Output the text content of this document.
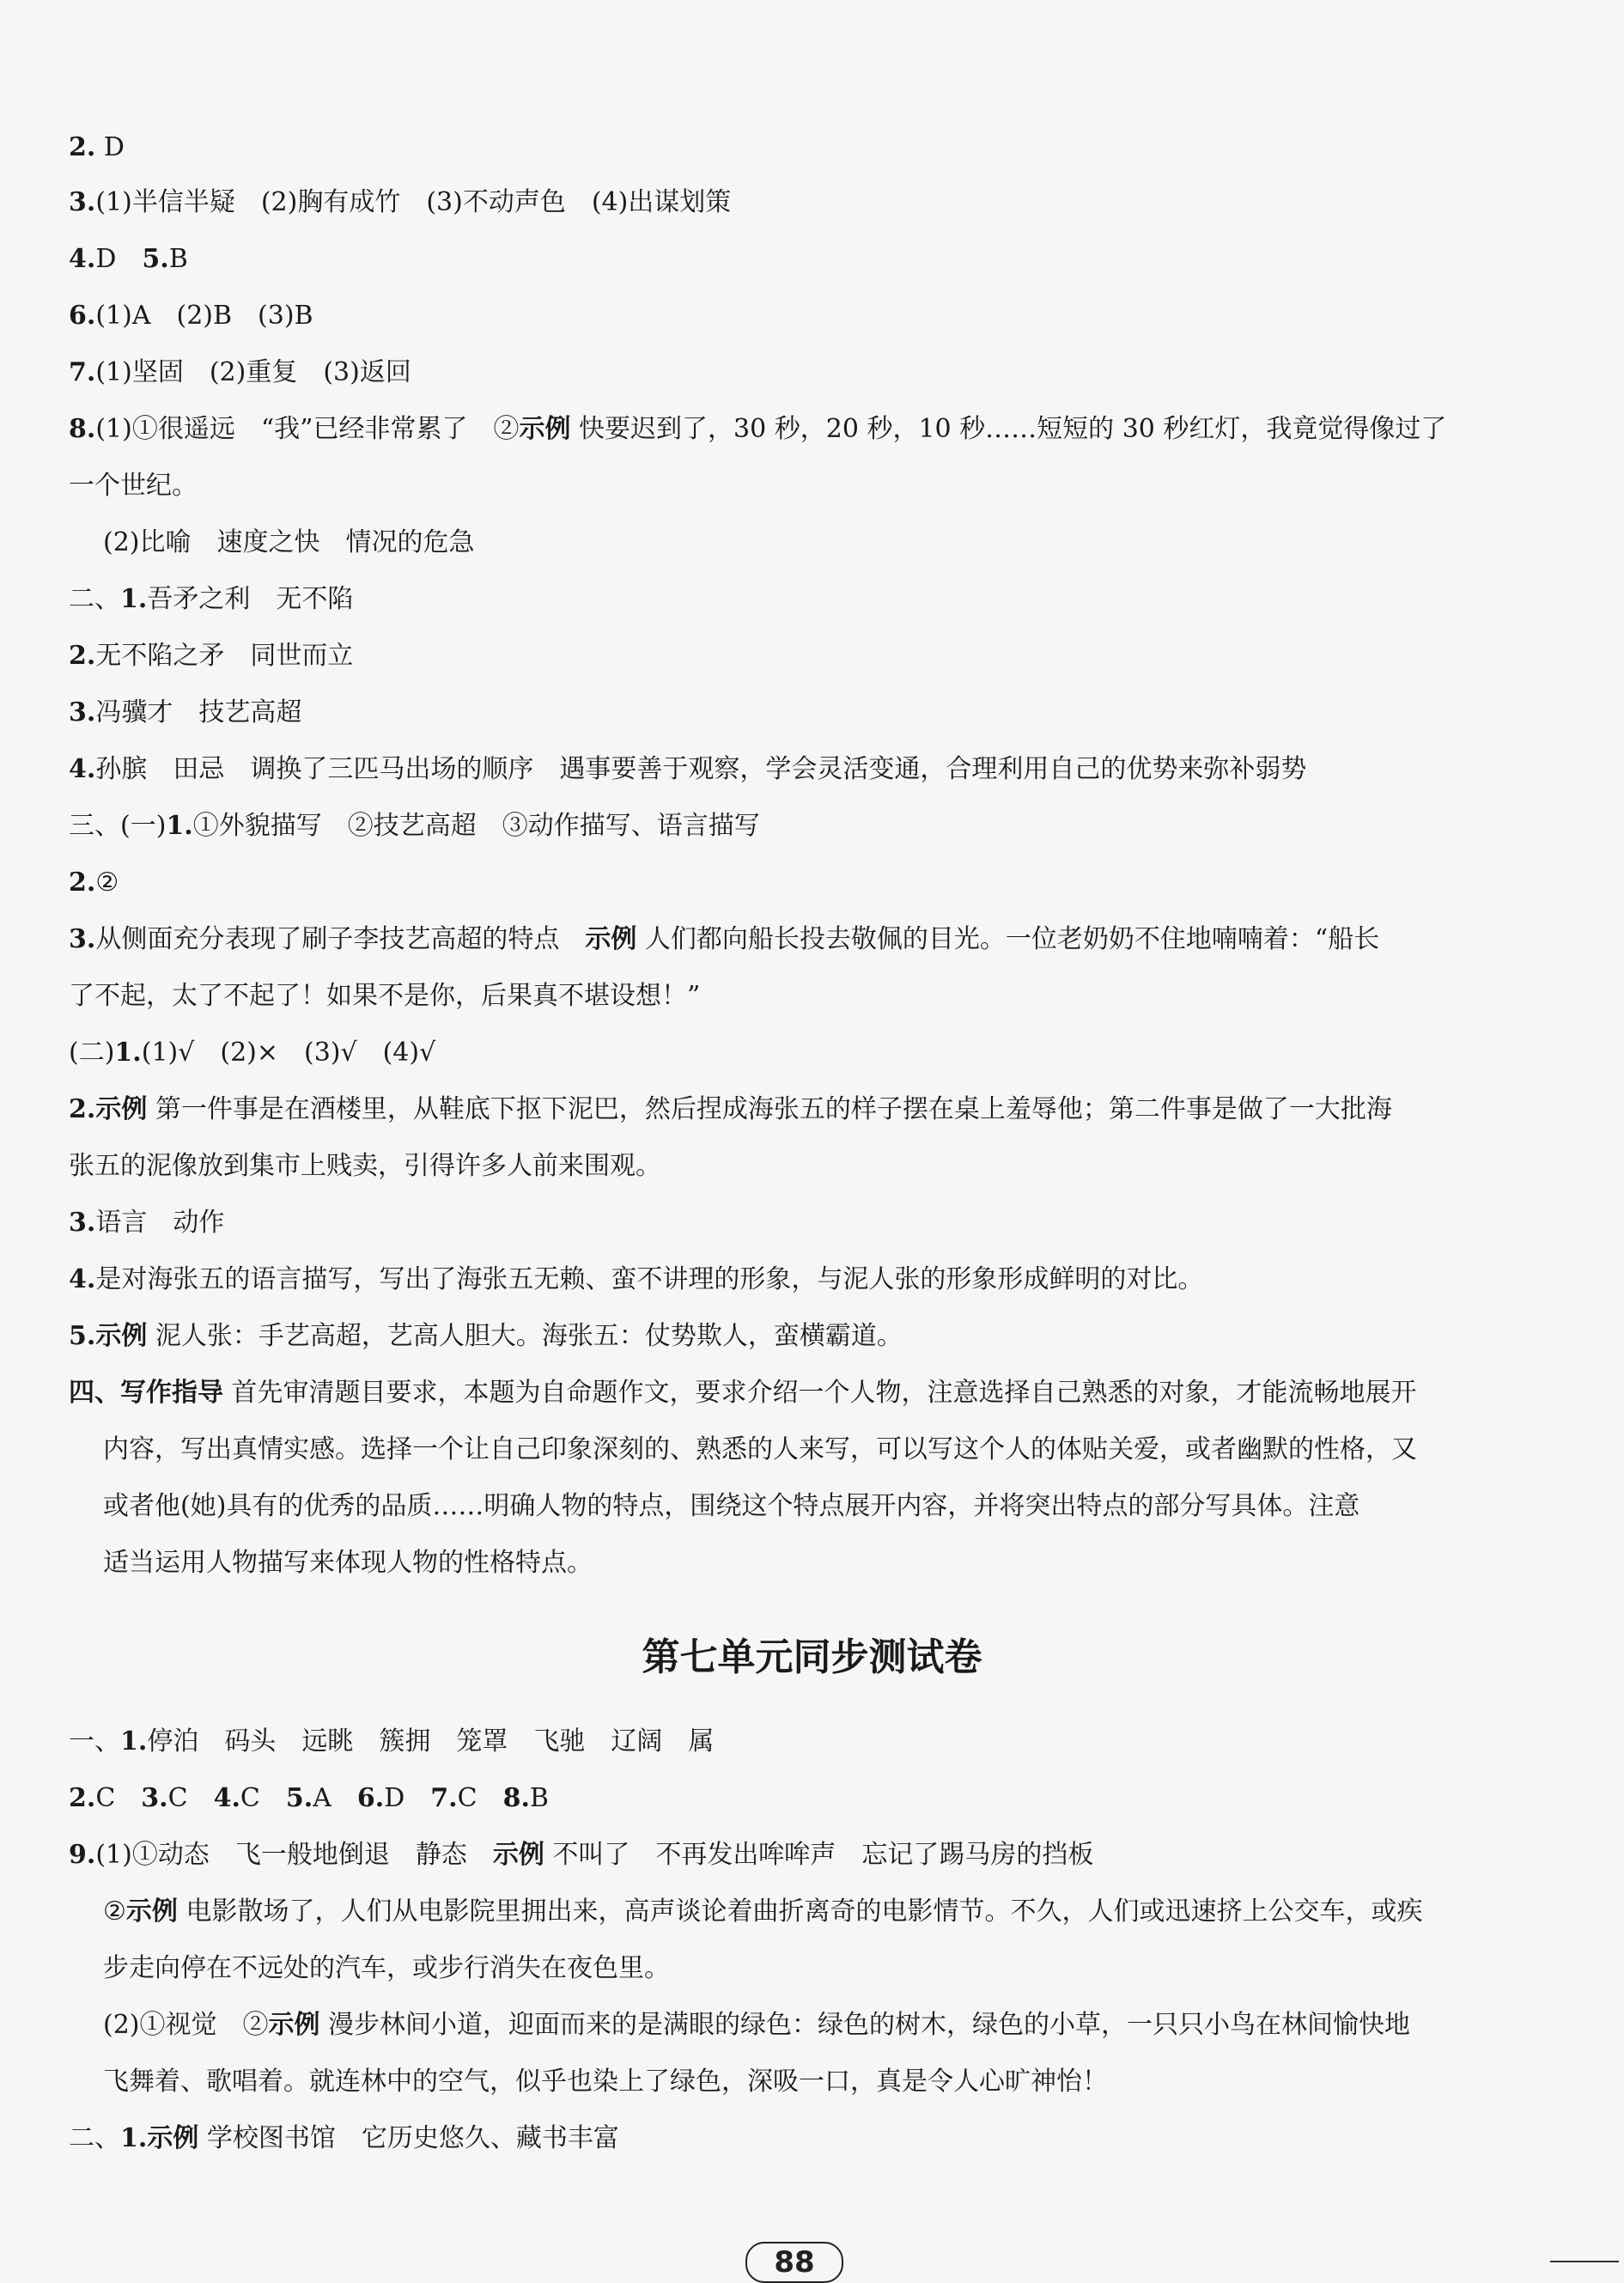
2. D
3.(1)半信半疑　(2)胸有成竹　(3)不动声色　(4)出谋划策
4.D　5.B
6.(1)A　(2)B　(3)B
7.(1)坚固　(2)重复　(3)返回
8.(1)①很遥远　“我”已经非常累了　②示例 快要迟到了，30 秒，20 秒，10 秒……短短的 30 秒红灯，我竟觉得像过了
一个世纪。
(2)比喻　速度之快　情况的危急
二、1.吾矛之利　无不陷
2.无不陷之矛　同世而立
3.冯骥才　技艺高超
4.孙膑　田忌　调换了三匹马出场的顺序　遇事要善于观察，学会灵活变通，合理利用自己的优势来弥补弱势
三、(一)1.①外貌描写　②技艺高超　③动作描写、语言描写
2.②
3.从侧面充分表现了刷子李技艺高超的特点　示例 人们都向船长投去敬佩的目光。一位老奶奶不住地喃喃着：“船长
了不起，太了不起了！如果不是你，后果真不堪设想！”
(二)1.(1)√　(2)×　(3)√　(4)√
2.示例 第一件事是在酒楼里，从鞋底下抠下泥巴，然后捏成海张五的样子摆在桌上羞辱他；第二件事是做了一大批海
张五的泥像放到集市上贱卖，引得许多人前来围观。
3.语言　动作
4.是对海张五的语言描写，写出了海张五无赖、蛮不讲理的形象，与泥人张的形象形成鲜明的对比。
5.示例 泥人张：手艺高超，艺高人胆大。海张五：仗势欺人，蛮横霸道。
四、写作指导 首先审清题目要求，本题为自命题作文，要求介绍一个人物，注意选择自己熟悉的对象，才能流畅地展开
内容，写出真情实感。选择一个让自己印象深刻的、熟悉的人来写，可以写这个人的体贴关爱，或者幽默的性格，又
或者他(她)具有的优秀的品质……明确人物的特点，围绕这个特点展开内容，并将突出特点的部分写具体。注意
适当运用人物描写来体现人物的性格特点。
第七单元同步测试卷
一、1.停泊　码头　远眺　簇拥　笼罩　飞驰　辽阔　属
2.C　3.C　4.C　5.A　6.D　7.C　8.B
9.(1)①动态　飞一般地倒退　静态　示例 不叫了　不再发出哞哞声　忘记了踢马房的挡板
②示例 电影散场了，人们从电影院里拥出来，高声谈论着曲折离奇的电影情节。不久，人们或迅速挤上公交车，或疾
步走向停在不远处的汽车，或步行消失在夜色里。
(2)①视觉　②示例 漫步林间小道，迎面而来的是满眼的绿色：绿色的树木，绿色的小草，一只只小鸟在林间愉快地
飞舞着、歌唱着。就连林中的空气，似乎也染上了绿色，深吸一口，真是令人心旷神怡！
二、1.示例 学校图书馆　它历史悠久、藏书丰富
88
